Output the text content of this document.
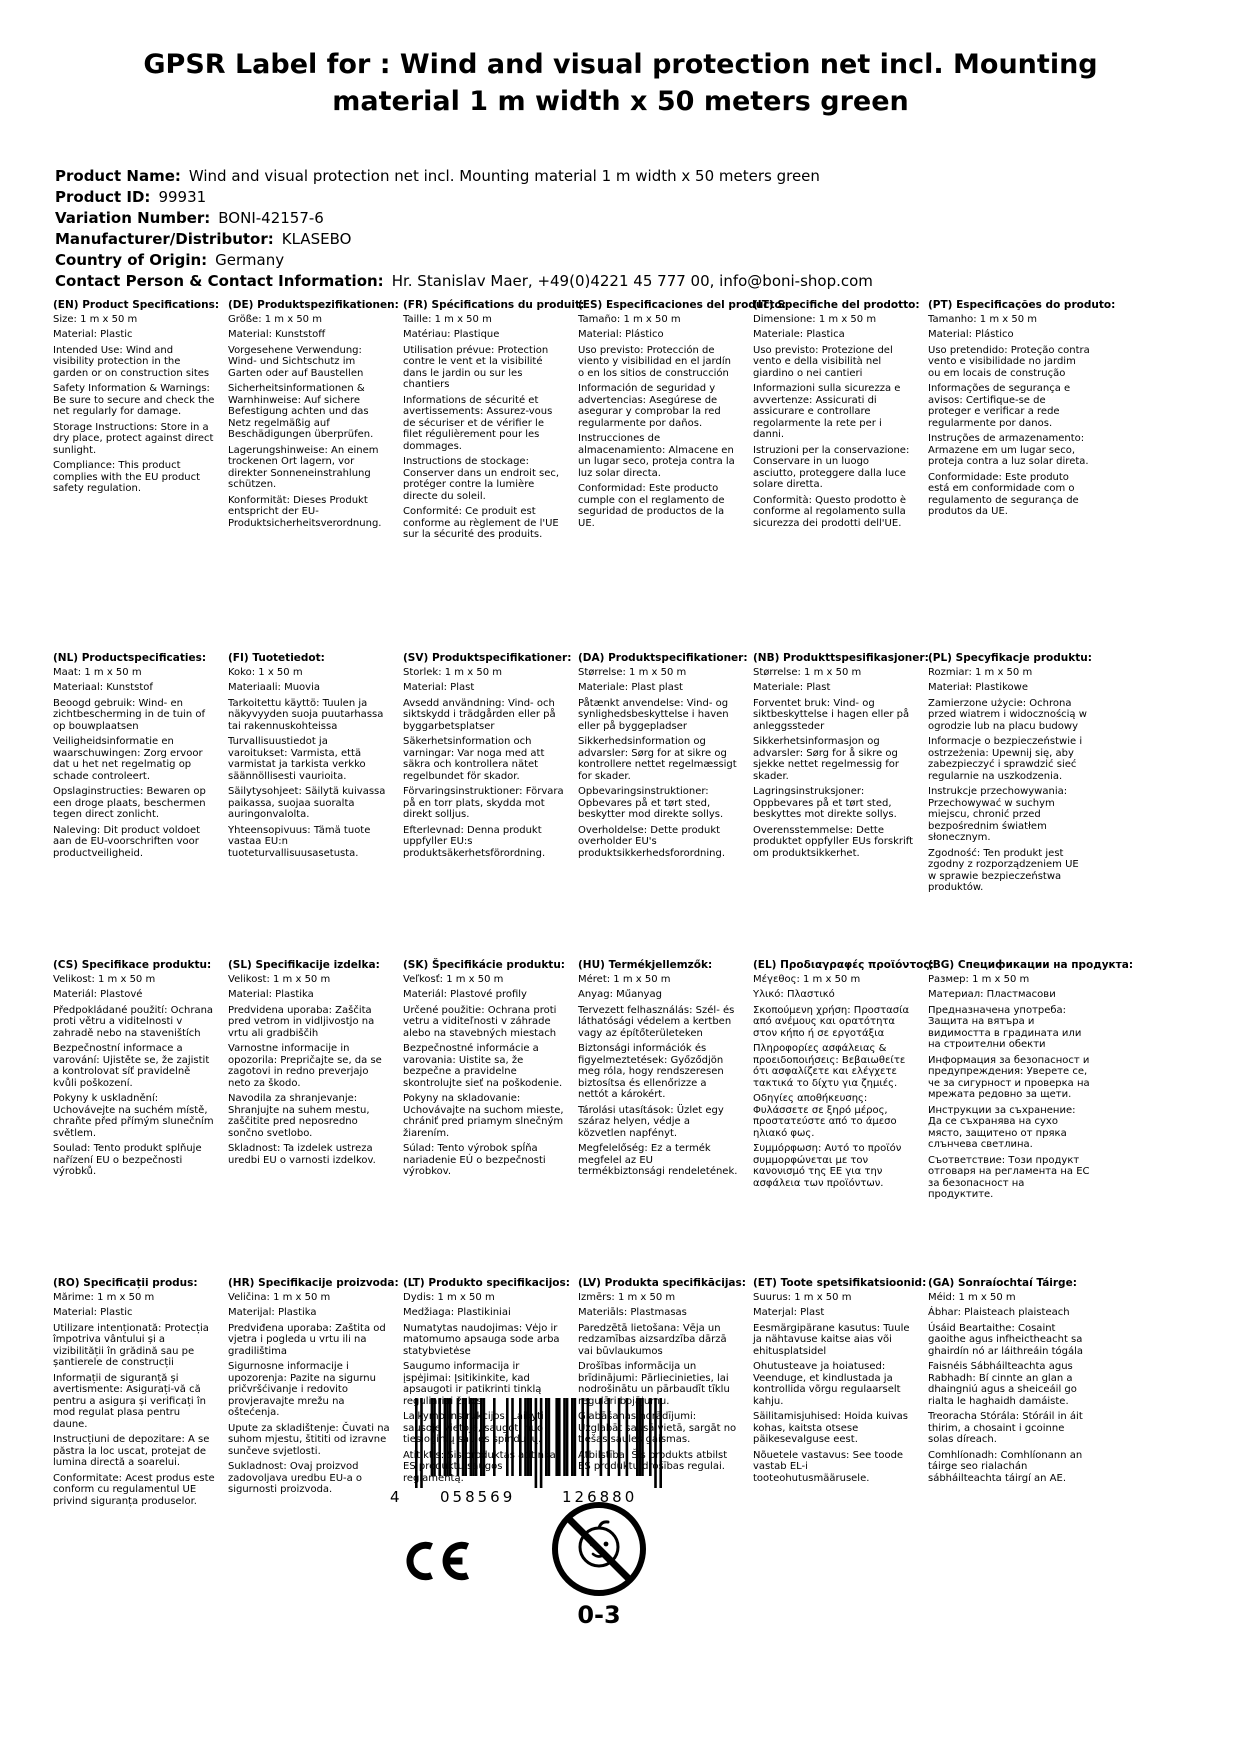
GPSR Label for : Wind and visual protection net incl. Mounting
material 1 m width x 50 meters green
Product Name: Wind and visual protection net incl. Mounting material 1 m width x 50 meters green
Product ID: 99931
Variation Number: BONI-42157-6
Manufacturer/Distributor: KLASEBO
Country of Origin: Germany
Contact Person & Contact Information: Hr. Stanislav Maer, +49(0)4221 45 777 00, info@boni-shop.com
(EN) Product Specifications:

Size: 1 m x 50 m

Material: Plastic

Intended Use: Wind and visibility protection in the garden or on construction sites

Safety Information & Warnings: Be sure to secure and check the net regularly for damage.

Storage Instructions: Store in a dry place, protect against direct sunlight.

Compliance: This product complies with the EU product safety regulation.

(DE) Produktspezifikationen:

Größe: 1 m x 50 m

Material: Kunststoff

Vorgesehene Verwendung: Wind- und Sichtschutz im Garten oder auf Baustellen

Sicherheitsinformationen & Warnhinweise: Auf sichere Befestigung achten und das Netz regelmäßig auf Beschädigungen überprüfen.

Lagerungshinweise: An einem trockenen Ort lagern, vor direkter Sonneneinstrahlung schützen.

Konformität: Dieses Produkt entspricht der EU-Produktsicherheitsverordnung.

(FR) Spécifications du produit:

Taille: 1 m x 50 m

Matériau: Plastique

Utilisation prévue: Protection contre le vent et la visibilité dans le jardin ou sur les chantiers

Informations de sécurité et avertissements: Assurez-vous de sécuriser et de vérifier le filet régulièrement pour les dommages.

Instructions de stockage: Conserver dans un endroit sec, protéger contre la lumière directe du soleil.

Conformité: Ce produit est conforme au règlement de l'UE sur la sécurité des produits.

(ES) Especificaciones del producto:

Tamaño: 1 m x 50 m

Material: Plástico

Uso previsto: Protección de viento y visibilidad en el jardín o en los sitios de construcción

Información de seguridad y advertencias: Asegúrese de asegurar y comprobar la red regularmente por daños.

Instrucciones de almacenamiento: Almacene en un lugar seco, proteja contra la luz solar directa.

Conformidad: Este producto cumple con el reglamento de seguridad de productos de la UE.

(IT) Specifiche del prodotto:

Dimensione: 1 m x 50 m

Materiale: Plastica

Uso previsto: Protezione del vento e della visibilità nel giardino o nei cantieri

Informazioni sulla sicurezza e avvertenze: Assicurati di assicurare e controllare regolarmente la rete per i danni.

Istruzioni per la conservazione: Conservare in un luogo asciutto, proteggere dalla luce solare diretta.

Conformità: Questo prodotto è conforme al regolamento sulla sicurezza dei prodotti dell'UE.

(PT) Especificações do produto:

Tamanho: 1 m x 50 m

Material: Plástico

Uso pretendido: Proteção contra vento e visibilidade no jardim ou em locais de construção

Informações de segurança e avisos: Certifique-se de proteger e verificar a rede regularmente por danos.

Instruções de armazenamento: Armazene em um lugar seco, proteja contra a luz solar direta.

Conformidade: Este produto está em conformidade com o regulamento de segurança de produtos da UE.

(NL) Productspecificaties:

Maat: 1 m x 50 m

Materiaal: Kunststof

Beoogd gebruik: Wind- en zichtbescherming in de tuin of op bouwplaatsen

Veiligheidsinformatie en waarschuwingen: Zorg ervoor dat u het net regelmatig op schade controleert.

Opslaginstructies: Bewaren op een droge plaats, beschermen tegen direct zonlicht.

Naleving: Dit product voldoet aan de EU-voorschriften voor productveiligheid.

(FI) Tuotetiedot:

Koko: 1 x 50 m

Materiaali: Muovia

Tarkoitettu käyttö: Tuulen ja näkyvyyden suoja puutarhassa tai rakennuskohteissa

Turvallisuustiedot ja varoitukset: Varmista, että varmistat ja tarkista verkko säännöllisesti vaurioita.

Säilytysohjeet: Säilytä kuivassa paikassa, suojaa suoralta auringonvalolta.

Yhteensopivuus: Tämä tuote vastaa EU:n tuoteturvallisuusasetusta.

(SV) Produktspecifikationer:

Storlek: 1 m x 50 m

Material: Plast

Avsedd användning: Vind- och siktskydd i trädgården eller på byggarbetsplatser

Säkerhetsinformation och varningar: Var noga med att säkra och kontrollera nätet regelbundet för skador.

Förvaringsinstruktioner: Förvara på en torr plats, skydda mot direkt solljus.

Efterlevnad: Denna produkt uppfyller EU:s produktsäkerhetsförordning.

(DA) Produktspecifikationer:

Størrelse: 1 m x 50 m

Materiale: Plast plast

Påtænkt anvendelse: Vind- og synlighedsbeskyttelse i haven eller på byggepladser

Sikkerhedsinformation og advarsler: Sørg for at sikre og kontrollere nettet regelmæssigt for skader.

Opbevaringsinstruktioner: Opbevares på et tørt sted, beskytter mod direkte sollys.

Overholdelse: Dette produkt overholder EU's produktsikkerhedsforordning.

(NB) Produkttspesifikasjoner:

Størrelse: 1 m x 50 m

Materiale: Plast

Forventet bruk: Vind- og siktbeskyttelse i hagen eller på anleggssteder

Sikkerhetsinformasjon og advarsler: Sørg for å sikre og sjekke nettet regelmessig for skader.

Lagringsinstruksjoner: Oppbevares på et tørt sted, beskyttes mot direkte sollys.

Overensstemmelse: Dette produktet oppfyller EUs forskrift om produktsikkerhet.

(PL) Specyfikacje produktu:

Rozmiar: 1 m x 50 m

Materiał: Plastikowe

Zamierzone użycie: Ochrona przed wiatrem i widocznością w ogrodzie lub na placu budowy

Informacje o bezpieczeństwie i ostrzeżenia: Upewnij się, aby zabezpieczyć i sprawdzić sieć regularnie na uszkodzenia.

Instrukcje przechowywania: Przechowywać w suchym miejscu, chronić przed bezpośrednim światłem słonecznym.

Zgodność: Ten produkt jest zgodny z rozporządzeniem UE w sprawie bezpieczeństwa produktów.

(CS) Specifikace produktu:

Velikost: 1 m x 50 m

Materiál: Plastové

Předpokládané použití: Ochrana proti větru a viditelnosti v zahradě nebo na staveništích

Bezpečnostní informace a varování: Ujistěte se, že zajistit a kontrolovat síť pravidelně kvůli poškození.

Pokyny k uskladnění: Uchovávejte na suchém místě, chraňte před přímým slunečním světlem.

Soulad: Tento produkt splňuje nařízení EU o bezpečnosti výrobků.

(SL) Specifikacije izdelka:

Velikost: 1 m x 50 m

Material: Plastika

Predvidena uporaba: Zaščita pred vetrom in vidljivostjo na vrtu ali gradbiščih

Varnostne informacije in opozorila: Prepričajte se, da se zagotovi in redno preverjajo neto za škodo.

Navodila za shranjevanje: Shranjujte na suhem mestu, zaščitite pred neposredno sončno svetlobo.

Skladnost: Ta izdelek ustreza uredbi EU o varnosti izdelkov.

(SK) Špecifikácie produktu:

Veľkosť: 1 m x 50 m

Materiál: Plastové profily

Určené použitie: Ochrana proti vetru a viditeľnosti v záhrade alebo na stavebných miestach

Bezpečnostné informácie a varovania: Uistite sa, že bezpečne a pravidelne skontrolujte sieť na poškodenie.

Pokyny na skladovanie: Uchovávajte na suchom mieste, chrániť pred priamym slnečným žiarením.

Súlad: Tento výrobok spĺňa nariadenie EÚ o bezpečnosti výrobkov.

(HU) Termékjellemzők:

Méret: 1 m x 50 m

Anyag: Műanyag

Tervezett felhasználás: Szél- és láthatósági védelem a kertben vagy az építőterületeken

Biztonsági információk és figyelmeztetések: Győződjön meg róla, hogy rendszeresen biztosítsa és ellenőrizze a nettót a károkért.

Tárolási utasítások: Üzlet egy száraz helyen, védje a közvetlen napfényt.

Megfelelőség: Ez a termék megfelel az EU termékbiztonsági rendeletének.

(EL) Προδιαγραφές προϊόντος:

Μέγεθος: 1 m x 50 m

Υλικό: Πλαστικό

Σκοπούμενη χρήση: Προστασία από ανέμους και ορατότητα στον κήπο ή σε εργοτάξια

Πληροφορίες ασφάλειας & προειδοποιήσεις: Βεβαιωθείτε ότι ασφαλίζετε και ελέγχετε τακτικά το δίχτυ για ζημιές.

Οδηγίες αποθήκευσης: Φυλάσσετε σε ξηρό μέρος, προστατεύστε από το άμεσο ηλιακό φως.

Συμμόρφωση: Αυτό το προϊόν συμμορφώνεται με τον κανονισμό της ΕΕ για την ασφάλεια των προϊόντων.

(BG) Спецификации на продукта:

Размер: 1 m x 50 m

Материал: Пластмасови

Предназначена употреба: Защита на вятъра и видимостта в градината или на строителни обекти

Информация за безопасност и предупреждения: Уверете се, че за сигурност и проверка на мрежата редовно за щети.

Инструкции за съхранение: Да се съхранява на сухо място, защитено от пряка слънчева светлина.

Съответствие: Този продукт отговаря на регламента на ЕС за безопасност на продуктите.

(RO) Specificații produs:

Mărime: 1 m x 50 m

Material: Plastic

Utilizare intenționată: Protecția împotriva vântului și a vizibilității în grădină sau pe șantierele de construcții

Informații de siguranță și avertismente: Asigurați-vă că pentru a asigura și verificați în mod regulat plasa pentru daune.

Instrucțiuni de depozitare: A se păstra la loc uscat, protejat de lumina directă a soarelui.

Conformitate: Acest produs este conform cu regulamentul UE privind siguranța produselor.

(HR) Specifikacije proizvoda:

Veličina: 1 m x 50 m

Materijal: Plastika

Predviđena uporaba: Zaštita od vjetra i pogleda u vrtu ili na gradilištima

Sigurnosne informacije i upozorenja: Pazite na sigurnu pričvršćivanje i redovito provjeravajte mrežu na oštećenja.

Upute za skladištenje: Čuvati na suhom mjestu, štititi od izravne sunčeve svjetlosti.

Sukladnost: Ovaj proizvod zadovoljava uredbu EU-a o sigurnosti proizvoda.

(LT) Produkto specifikacijos:

Dydis: 1 m x 50 m

Medžiaga: Plastikiniai

Numatytas naudojimas: Vėjo ir matomumo apsauga sode arba statybvietėse

Saugumo informacija ir įspėjimai: Įsitikinkite, kad apsaugoti ir patikrinti tinklą reguliariai žalos.

Laikymo instrukcijos: Laikyti sausoje vietoje, saugoti nuo tiesioginių saulės spindulių.

Atitiktis: Šis produktas atitinka ES produktų saugos reglamentą.

(LV) Produkta specifikācijas:

Izmērs: 1 m x 50 m

Materiāls: Plastmasas

Paredzētā lietošana: Vēja un redzamības aizsardzība dārzā vai būvlaukumos

Drošības informācija un brīdinājumi: Pārliecinieties, lai nodrošinātu un pārbaudīt tīklu regulāri bojājumu.

Glabāšanas norādījumi: Uzglabāt sausā vietā, sargāt no tiešas saules gaismas.

Atbilstība: Šis produkts atbilst ES produktu drošības regulai.

(ET) Toote spetsifikatsioonid:

Suurus: 1 m x 50 m

Materjal: Plast

Eesmärgipärane kasutus: Tuule ja nähtavuse kaitse aias või ehitusplatsidel

Ohutusteave ja hoiatused: Veenduge, et kindlustada ja kontrollida võrgu regulaarselt kahju.

Säilitamisjuhised: Hoida kuivas kohas, kaitsta otsese päikesevalguse eest.

Nõuetele vastavus: See toode vastab EL-i tooteohutusmäärusele.

(GA) Sonraíochtaí Táirge:

Méid: 1 m x 50 m

Ábhar: Plaisteach plaisteach

Úsáid Beartaithe: Cosaint gaoithe agus infheictheacht sa ghairdín nó ar láithreáin tógála

Faisnéis Sábháilteachta agus Rabhadh: Bí cinnte an glan a dhaingniú agus a sheiceáil go rialta le haghaidh damáiste.

Treoracha Stórála: Stóráil in áit thirim, a chosaint i gcoinne solas díreach.

Comhlíonadh: Comhlíonann an táirge seo rialachán sábháilteachta táirgí an AE.

4 058569	126880
0-3
